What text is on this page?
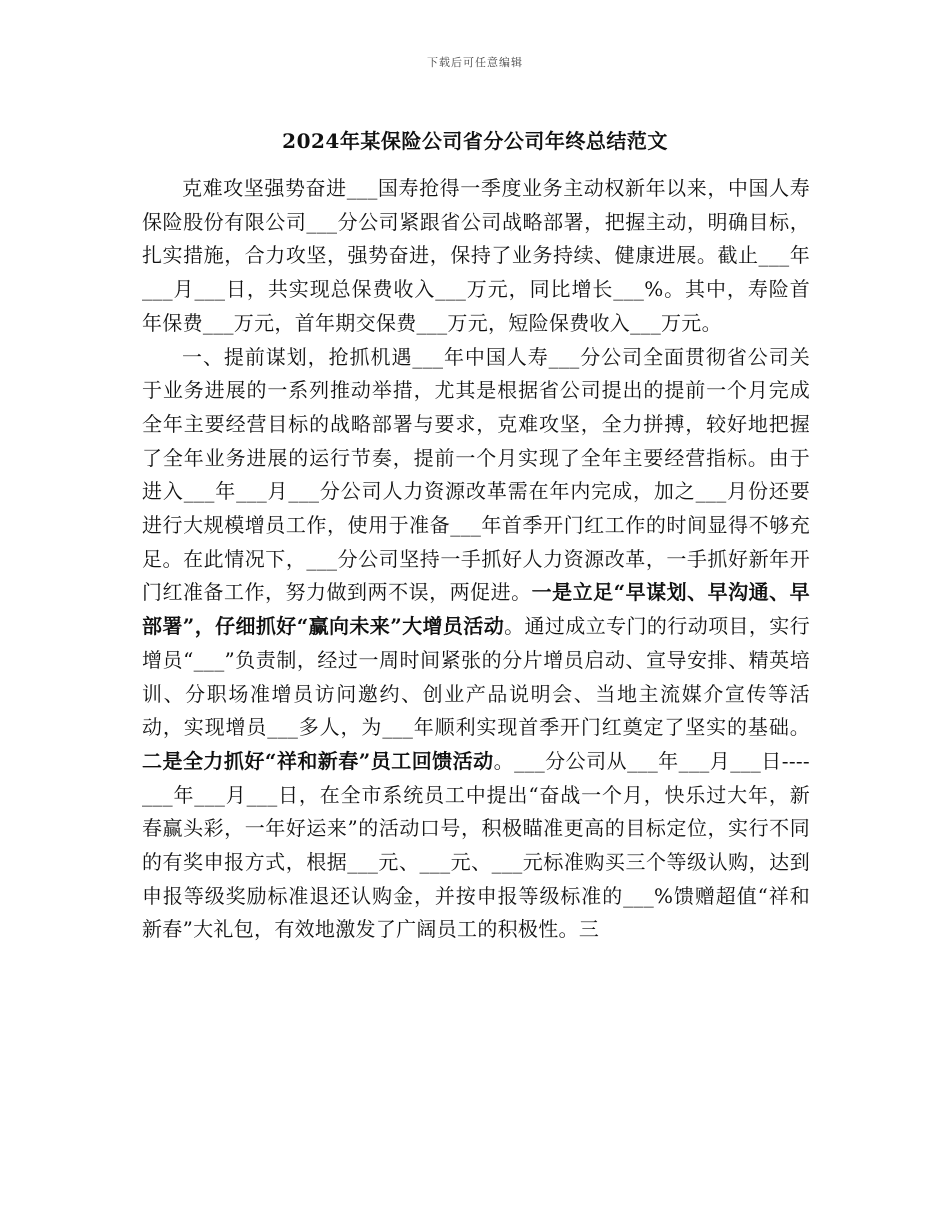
下载后可任意编辑
2024年某保险公司省分公司年终总结范文

克难攻坚强势奋进___国寿抢得一季度业务主动权新年以来，中国人寿保险股份有限公司___分公司紧跟省公司战略部署，把握主动，明确目标，扎实措施，合力攻坚，强势奋进，保持了业务持续、健康进展。截止___年___月___日，共实现总保费收入___万元，同比增长___%。其中，寿险首年保费___万元，首年期交保费___万元，短险保费收入___万元。

一、提前谋划，抢抓机遇___年中国人寿___分公司全面贯彻省公司关于业务进展的一系列推动举措，尤其是根据省公司提出的提前一个月完成全年主要经营目标的战略部署与要求，克难攻坚，全力拼搏，较好地把握了全年业务进展的运行节奏，提前一个月实现了全年主要经营指标。由于进入___年___月___分公司人力资源改革需在年内完成，加之___月份还要进行大规模增员工作，使用于准备___年首季开门红工作的时间显得不够充足。在此情况下，___分公司坚持一手抓好人力资源改革，一手抓好新年开门红准备工作，努力做到两不误，两促进。一是立足“早谋划、早沟通、早部署”，仔细抓好“赢向未来”大增员活动。通过成立专门的行动项目，实行增员“___”负责制，经过一周时间紧张的分片增员启动、宣导安排、精英培训、分职场准增员访问邀约、创业产品说明会、当地主流媒介宣传等活动，实现增员___多人，为___年顺利实现首季开门红奠定了坚实的基础。二是全力抓好“祥和新春”员工回馈活动。___分公司从___年___月___日----___年___月___日，在全市系统员工中提出“奋战一个月，快乐过大年，新春赢头彩，一年好运来”的活动口号，积极瞄准更高的目标定位，实行不同的有奖申报方式，根据___元、___元、___元标准购买三个等级认购，达到申报等级奖励标准退还认购金，并按申报等级标准的___%馈赠超值“祥和新春”大礼包，有效地激发了广阔员工的积极性。三
